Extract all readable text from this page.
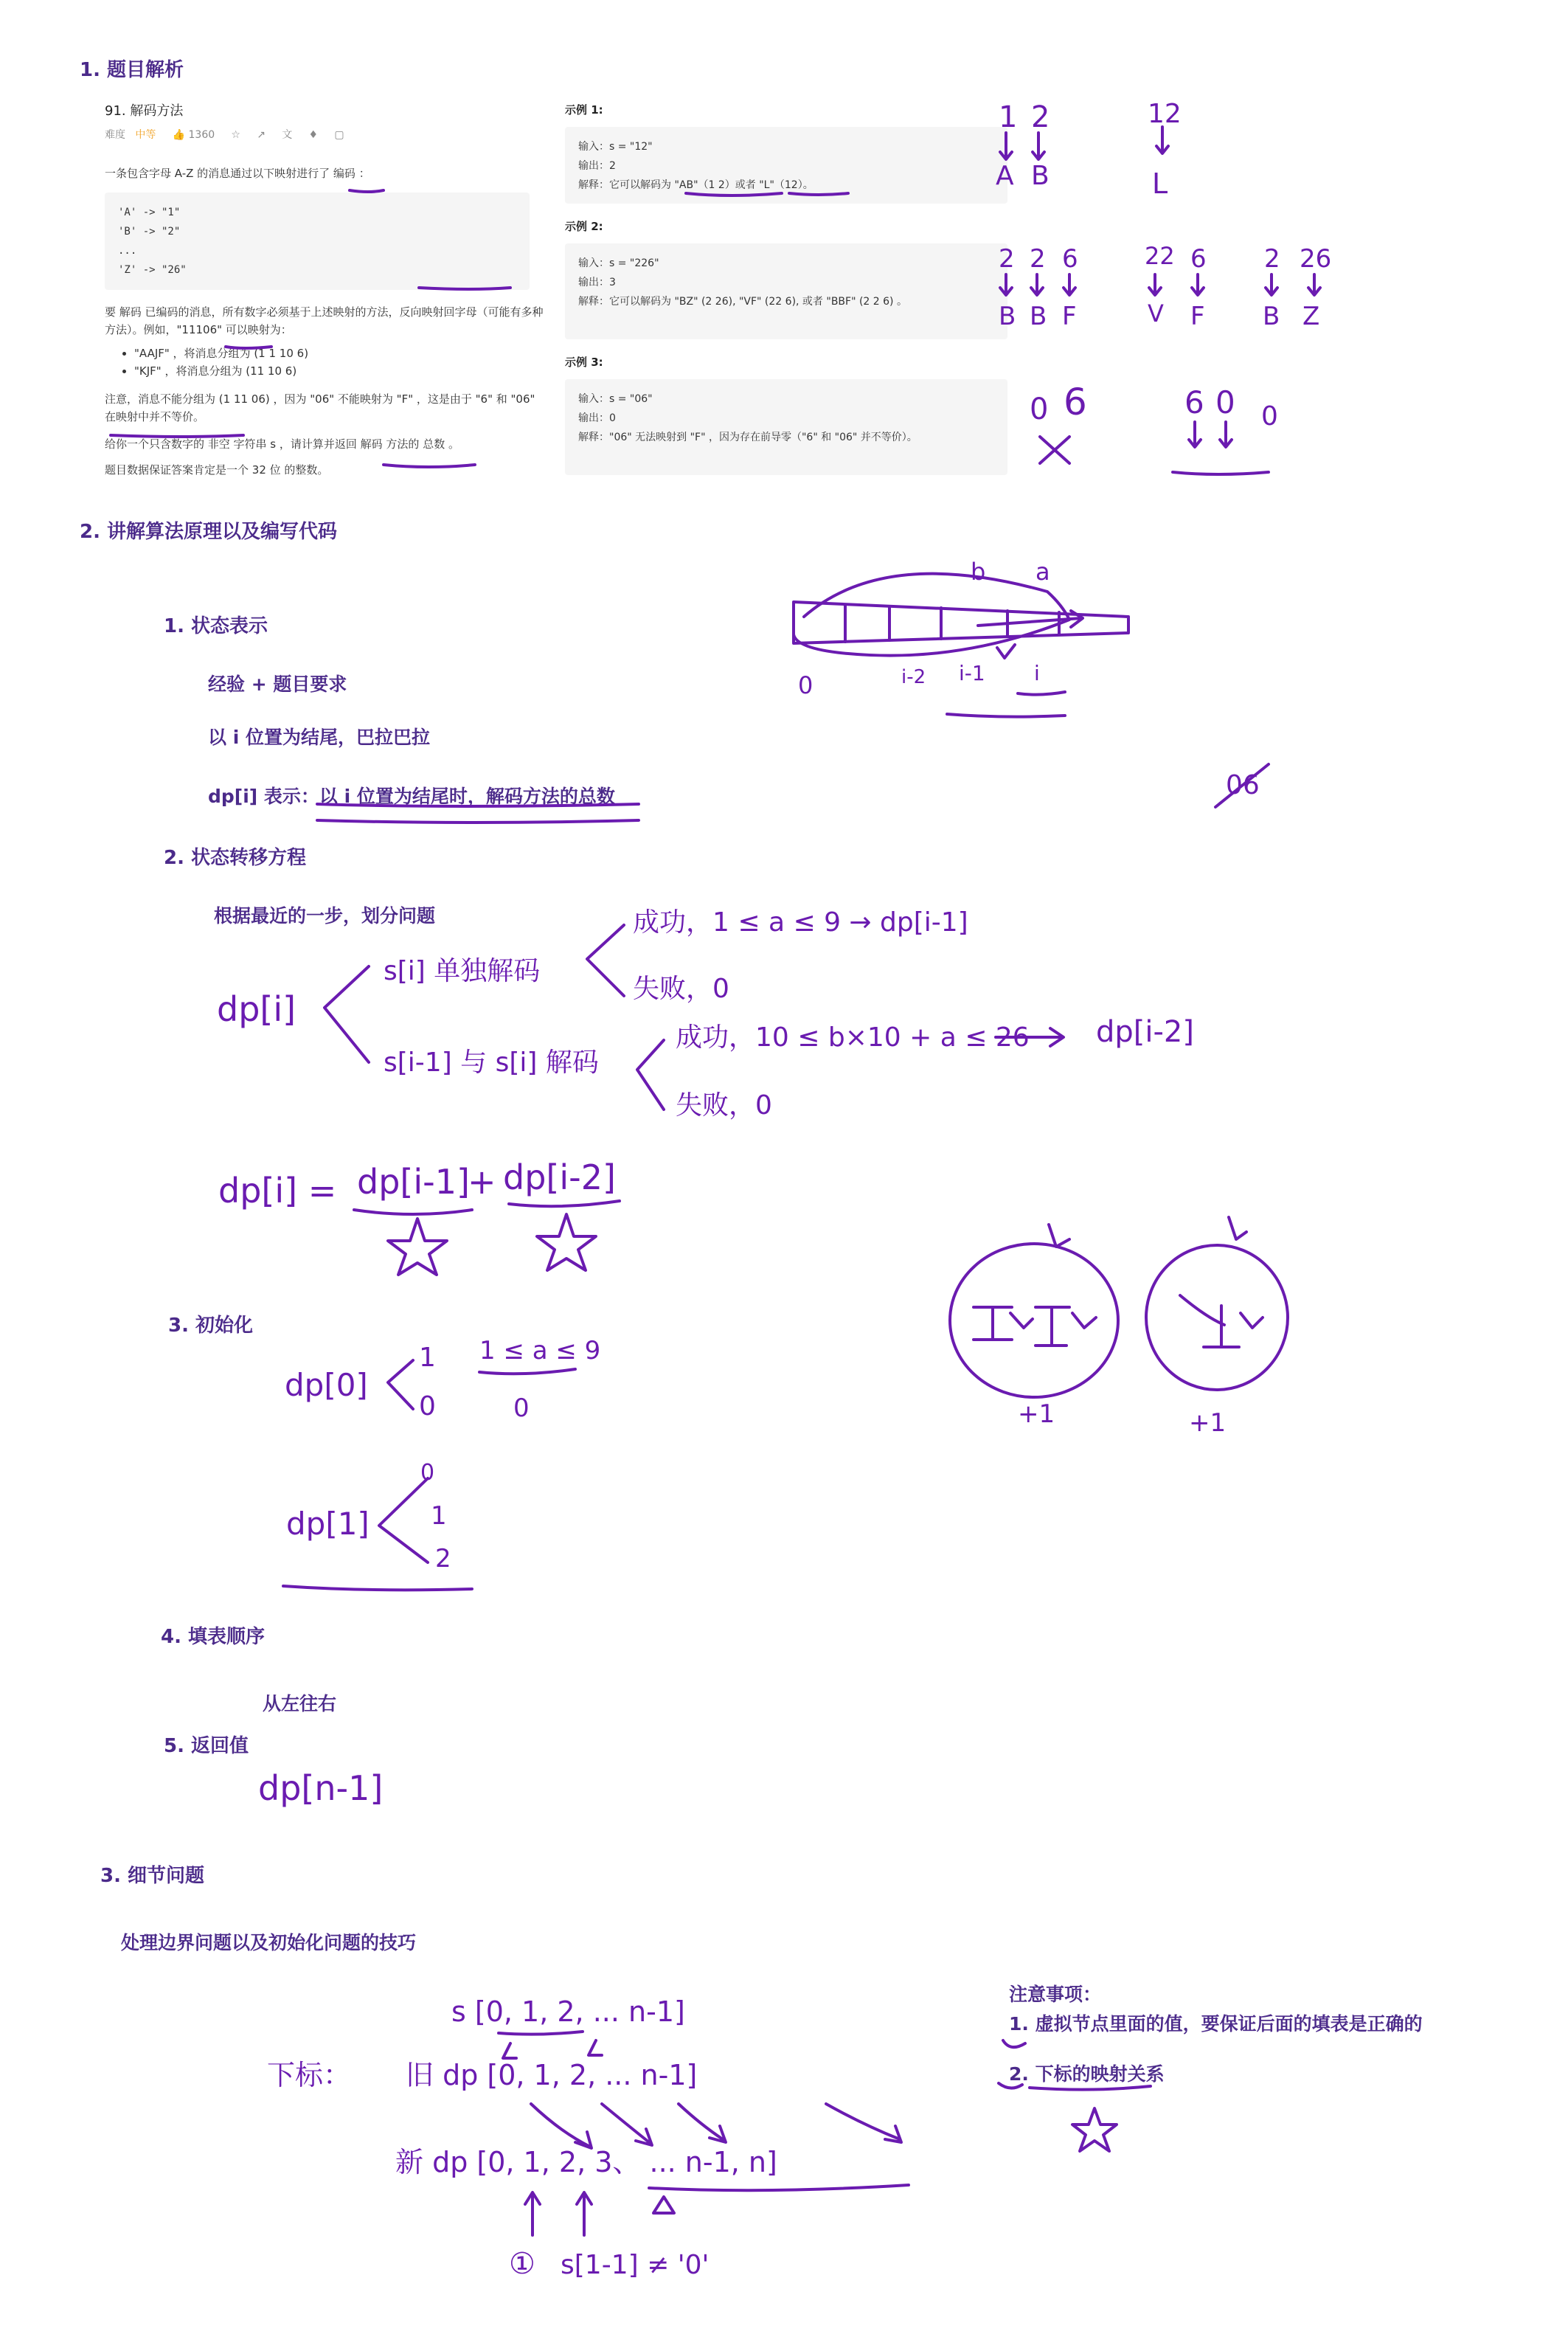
1. 题目解析
2. 讲解算法原理以及编写代码
3. 细节问题
91. 解码方法
难度 中等 👍 1360 ☆ ↗ 文 ♦ ▢
一条包含字母 A-Z 的消息通过以下映射进行了 编码 ：
'A' -> "1"
'B' -> "2"
...
'Z' -> "26"
要 解码 已编码的消息，所有数字必须基于上述映射的方法，反向映射回字母（可能有多种方法）。例如，"11106" 可以映射为：
• "AAJF" ，将消息分组为 (1 1 10 6)
• "KJF" ，将消息分组为 (11 10 6)
注意，消息不能分组为 (1 11 06) ，因为 "06" 不能映射为 "F" ，这是由于 "6" 和 "06" 在映射中并不等价。
给你一个只含数字的 非空 字符串 s ，请计算并返回 解码 方法的 总数 。
题目数据保证答案肯定是一个 32 位 的整数。
示例 1:
输入：s = "12"
输出：2
解释：它可以解码为 "AB"（1 2）或者 "L"（12）。
示例 2:
输入：s = "226"
输出：3
解释：它可以解码为 "BZ" (2 26), "VF" (22 6), 或者 "BBF" (2 2 6) 。
示例 3:
输入：s = "06"
输出：0
解释："06" 无法映射到 "F" ，因为存在前导零（"6" 和 "06" 并不等价）。
1. 状态表示
经验 + 题目要求
以 i 位置为结尾，巴拉巴拉
dp[i] 表示：以 i 位置为结尾时，解码方法的总数
2. 状态转移方程
根据最近的一步，划分问题
3. 初始化
4. 填表顺序
从左往右
5. 返回值
处理边界问题以及初始化问题的技巧
注意事项：
1. 虚拟节点里面的值，要保证后面的填表是正确的
2. 下标的映射关系
1 2	12
A B	L
2 2 6	22 6 2 26
B B F	V F B Z
0 6	6 0 0
b a
0	i-2 i-1 i
06
dp[i]
s[i] 单独解码
成功，1 ≤ a ≤ 9 → dp[i-1]
失败，0
s[i-1] 与 s[i] 解码
成功，10 ≤ b×10 + a ≤ 26 dp[i-2]
失败，0
dp[i] = dp[i-1]
+ dp[i-2]
+1	+1
dp[0]
1
0
1 ≤ a ≤ 9
0
dp[1]
0
1
2
dp[n-1]
s [0, 1, 2, ... n-1]
下标： 旧 dp [0, 1, 2, ... n-1]
新 dp [0, 1, 2, 3、 ... n-1, n]
① s[1-1] ≠ '0'
